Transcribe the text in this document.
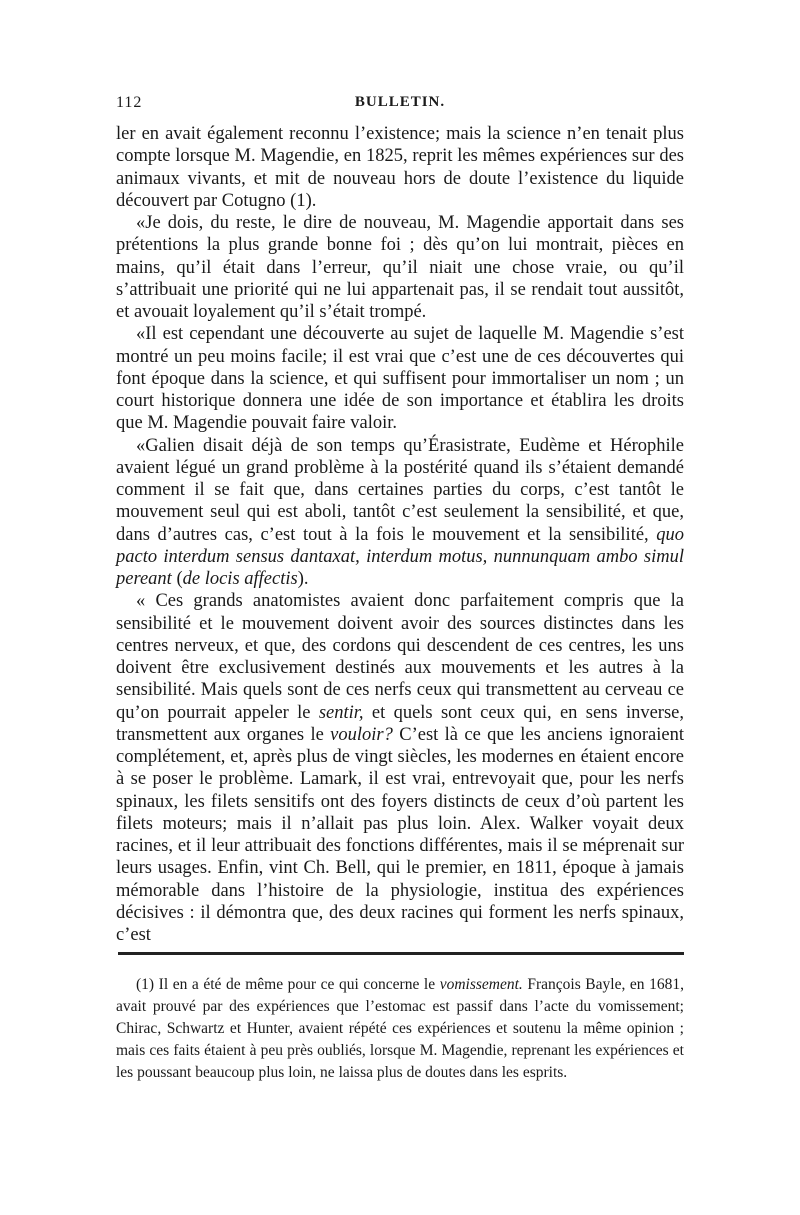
112	BULLETIN.

ler en avait également reconnu l’existence; mais la science n’en tenait plus compte lorsque M. Magendie, en 1825, reprit les mêmes expériences sur des animaux vivants, et mit de nouveau hors de doute l’existence du liquide découvert par Cotugno (1).

«Je dois, du reste, le dire de nouveau, M. Magendie apportait dans ses prétentions la plus grande bonne foi ; dès qu’on lui montrait, pièces en mains, qu’il était dans l’erreur, qu’il niait une chose vraie, ou qu’il s’attribuait une priorité qui ne lui appartenait pas, il se rendait tout aussitôt, et avouait loyalement qu’il s’était trompé.

«Il est cependant une découverte au sujet de laquelle M. Magendie s’est montré un peu moins facile; il est vrai que c’est une de ces découvertes qui font époque dans la science, et qui suffisent pour immortaliser un nom ; un court historique donnera une idée de son importance et établira les droits que M. Magendie pouvait faire valoir.

«Galien disait déjà de son temps qu’Érasistrate, Eudème et Hérophile avaient légué un grand problème à la postérité quand ils s’étaient demandé comment il se fait que, dans certaines parties du corps, c’est tantôt le mouvement seul qui est aboli, tantôt c’est seulement la sensibilité, et que, dans d’autres cas, c’est tout à la fois le mouvement et la sensibilité, quo pacto interdum sensus dantaxat, interdum motus, nunnunquam ambo simul pereant (de locis affectis).

« Ces grands anatomistes avaient donc parfaitement compris que la sensibilité et le mouvement doivent avoir des sources distinctes dans les centres nerveux, et que, des cordons qui descendent de ces centres, les uns doivent être exclusivement destinés aux mouvements et les autres à la sensibilité. Mais quels sont de ces nerfs ceux qui transmettent au cerveau ce qu’on pourrait appeler le sentir, et quels sont ceux qui, en sens inverse, transmettent aux organes le vouloir? C’est là ce que les anciens ignoraient complétement, et, après plus de vingt siècles, les modernes en étaient encore à se poser le problème. Lamark, il est vrai, entrevoyait que, pour les nerfs spinaux, les filets sensitifs ont des foyers distincts de ceux d’où partent les filets moteurs; mais il n’allait pas plus loin. Alex. Walker voyait deux racines, et il leur attribuait des fonctions différentes, mais il se méprenait sur leurs usages. Enfin, vint Ch. Bell, qui le premier, en 1811, époque à jamais mémorable dans l’histoire de la physiologie, institua des expériences décisives : il démontra que, des deux racines qui forment les nerfs spinaux, c’est

(1) Il en a été de même pour ce qui concerne le vomissement. François Bayle, en 1681, avait prouvé par des expériences que l’estomac est passif dans l’acte du vomissement; Chirac, Schwartz et Hunter, avaient répété ces expériences et soutenu la même opinion ; mais ces faits étaient à peu près oubliés, lorsque M. Magendie, reprenant les expériences et les poussant beaucoup plus loin, ne laissa plus de doutes dans les esprits.
